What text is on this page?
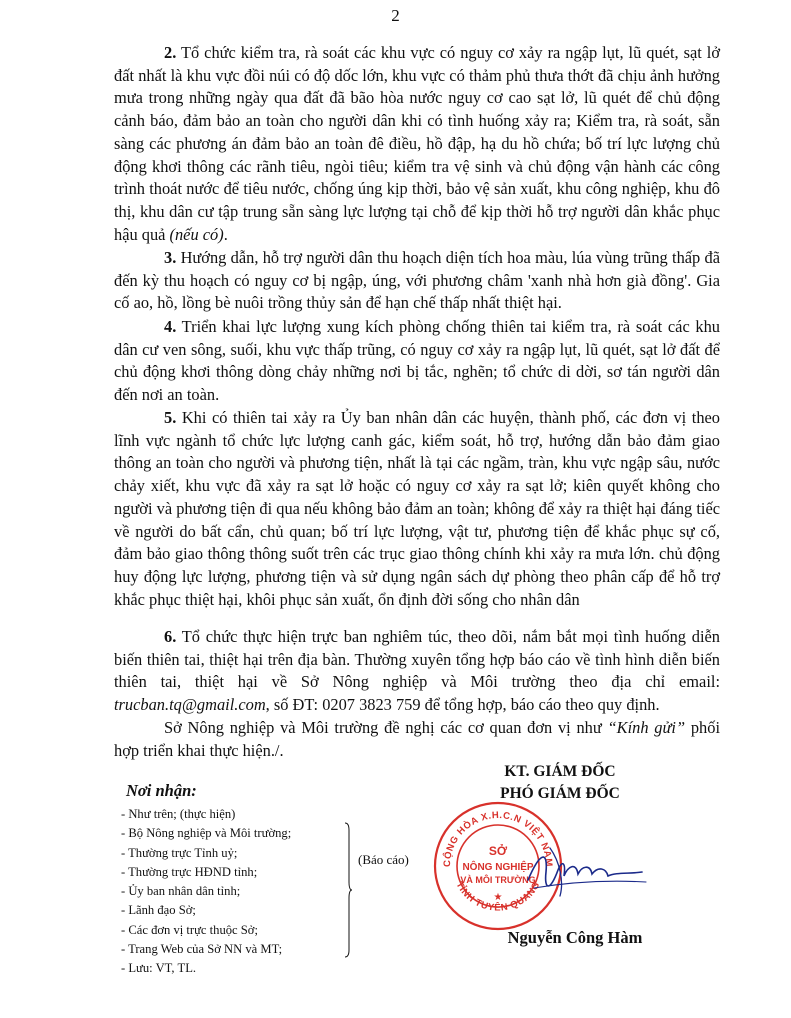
2

2. Tổ chức kiểm tra, rà soát các khu vực có nguy cơ xảy ra ngập lụt, lũ quét, sạt lở đất nhất là khu vực đồi núi có độ dốc lớn, khu vực có thảm phủ thưa thớt đã chịu ảnh hưởng mưa trong những ngày qua đất đã bão hòa nước nguy cơ cao sạt lở, lũ quét để chủ động cảnh báo, đảm bảo an toàn cho người dân khi có tình huống xảy ra; Kiểm tra, rà soát, sẵn sàng các phương án đảm bảo an toàn đê điều, hồ đập, hạ du hồ chứa; bố trí lực lượng chủ động khơi thông các rãnh tiêu, ngòi tiêu; kiểm tra vệ sinh và chủ động vận hành các công trình thoát nước để tiêu nước, chống úng kịp thời, bảo vệ sản xuất, khu công nghiệp, khu đô thị, khu dân cư tập trung sẵn sàng lực lượng tại chỗ để kịp thời hỗ trợ người dân khắc phục hậu quả (nếu có).

3. Hướng dẫn, hỗ trợ người dân thu hoạch diện tích hoa màu, lúa vùng trũng thấp đã đến kỳ thu hoạch có nguy cơ bị ngập, úng, với phương châm 'xanh nhà hơn già đồng'. Gia cố ao, hồ, lồng bè nuôi trồng thủy sản để hạn chế thấp nhất thiệt hại.

4. Triển khai lực lượng xung kích phòng chống thiên tai kiểm tra, rà soát các khu dân cư ven sông, suối, khu vực thấp trũng, có nguy cơ xảy ra ngập lụt, lũ quét, sạt lở đất để chủ động khơi thông dòng chảy những nơi bị tắc, nghẽn; tổ chức di dời, sơ tán người dân đến nơi an toàn.

5. Khi có thiên tai xảy ra Ủy ban nhân dân các huyện, thành phố, các đơn vị theo lĩnh vực ngành tổ chức lực lượng canh gác, kiểm soát, hỗ trợ, hướng dẫn bảo đảm giao thông an toàn cho người và phương tiện, nhất là tại các ngầm, tràn, khu vực ngập sâu, nước chảy xiết, khu vực đã xảy ra sạt lở hoặc có nguy cơ xảy ra sạt lở; kiên quyết không cho người và phương tiện đi qua nếu không bảo đảm an toàn; không để xảy ra thiệt hại đáng tiếc về người do bất cẩn, chủ quan; bố trí lực lượng, vật tư, phương tiện để khắc phục sự cố, đảm bảo giao thông thông suốt trên các trục giao thông chính khi xảy ra mưa lớn. chủ động huy động lực lượng, phương tiện và sử dụng ngân sách dự phòng theo phân cấp để hỗ trợ khắc phục thiệt hại, khôi phục sản xuất, ổn định đời sống cho nhân dân

6. Tổ chức thực hiện trực ban nghiêm túc, theo dõi, nắm bắt mọi tình huống diễn biến thiên tai, thiệt hại trên địa bàn. Thường xuyên tổng hợp báo cáo về tình hình diễn biến thiên tai, thiệt hại về Sở Nông nghiệp và Môi trường theo địa chỉ email: trucban.tq@gmail.com, số ĐT: 0207 3823 759 để tổng hợp, báo cáo theo quy định.

Sở Nông nghiệp và Môi trường đề nghị các cơ quan đơn vị như “Kính gửi” phối hợp triển khai thực hiện./.

KT. GIÁM ĐỐC
PHÓ GIÁM ĐỐC
Nơi nhận:
- Như trên; (thực hiện)
- Bộ Nông nghiệp và Môi trường;
- Thường trực Tỉnh uỷ;
- Thường trực HĐND tỉnh;
- Ủy ban nhân dân tỉnh;
- Lãnh đạo Sở;
- Các đơn vị trực thuộc Sở;
- Trang Web của Sở NN và MT;
- Lưu: VT, TL.
(Báo cáo)	CỘNG HÒA X.H.C.N VIỆT NAM
TỈNH TUYÊN QUANG
SỞ
NÔNG NGHIỆP
VÀ MÔI TRƯỜNG
★
Nguyễn Công Hàm
